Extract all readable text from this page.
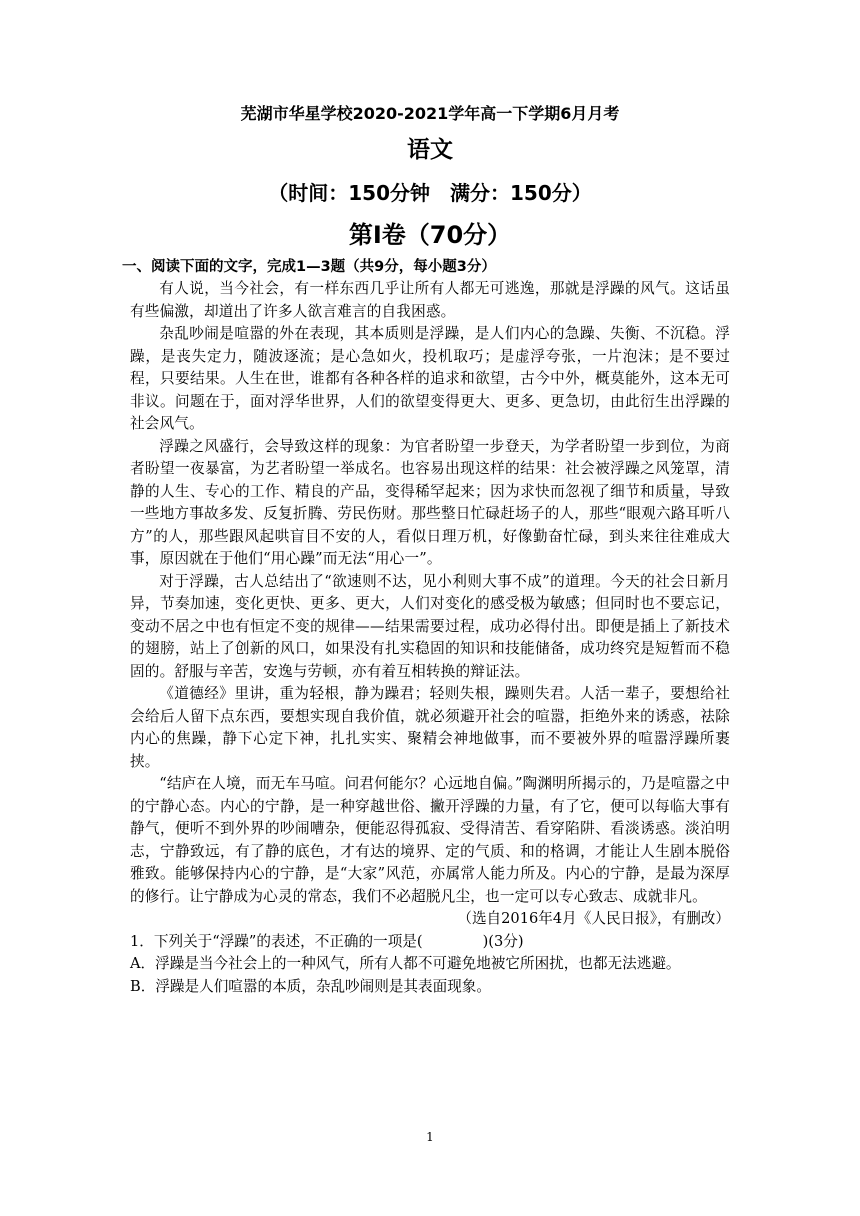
芜湖市华星学校2020-2021学年高一下学期6月月考
语文
（时间：150分钟　满分：150分）
第Ⅰ卷（70分）
一、阅读下面的文字，完成1—3题（共9分，每小题3分）

有人说，当今社会，有一样东西几乎让所有人都无可逃逸，那就是浮躁的风气。这话虽有些偏激，却道出了许多人欲言难言的自我困惑。

杂乱吵闹是喧嚣的外在表现，其本质则是浮躁，是人们内心的急躁、失衡、不沉稳。浮躁，是丧失定力，随波逐流；是心急如火，投机取巧；是虚浮夸张，一片泡沫；是不要过程，只要结果。人生在世，谁都有各种各样的追求和欲望，古今中外，概莫能外，这本无可非议。问题在于，面对浮华世界，人们的欲望变得更大、更多、更急切，由此衍生出浮躁的社会风气。

浮躁之风盛行，会导致这样的现象：为官者盼望一步登天，为学者盼望一步到位，为商者盼望一夜暴富，为艺者盼望一举成名。也容易出现这样的结果：社会被浮躁之风笼罩，清静的人生、专心的工作、精良的产品，变得稀罕起来；因为求快而忽视了细节和质量，导致一些地方事故多发、反复折腾、劳民伤财。那些整日忙碌赶场子的人，那些“眼观六路耳听八方”的人，那些跟风起哄盲目不安的人，看似日理万机，好像勤奋忙碌，到头来往往难成大事，原因就在于他们“用心躁”而无法“用心一”。

对于浮躁，古人总结出了“欲速则不达，见小利则大事不成”的道理。今天的社会日新月异，节奏加速，变化更快、更多、更大，人们对变化的感受极为敏感；但同时也不要忘记，变动不居之中也有恒定不变的规律——结果需要过程，成功必得付出。即便是插上了新技术的翅膀，站上了创新的风口，如果没有扎实稳固的知识和技能储备，成功终究是短暂而不稳固的。舒服与辛苦，安逸与劳顿，亦有着互相转换的辩证法。

《道德经》里讲，重为轻根，静为躁君；轻则失根，躁则失君。人活一辈子，要想给社会给后人留下点东西，要想实现自我价值，就必须避开社会的喧嚣，拒绝外来的诱惑，祛除内心的焦躁，静下心定下神，扎扎实实、聚精会神地做事，而不要被外界的喧嚣浮躁所裹挟。

“结庐在人境，而无车马喧。问君何能尔？心远地自偏。”陶渊明所揭示的，乃是喧嚣之中的宁静心态。内心的宁静，是一种穿越世俗、撇开浮躁的力量，有了它，便可以每临大事有静气，便听不到外界的吵闹嘈杂，便能忍得孤寂、受得清苦、看穿陷阱、看淡诱惑。淡泊明志，宁静致远，有了静的底色，才有达的境界、定的气质、和的格调，才能让人生剧本脱俗雅致。能够保持内心的宁静，是“大家”风范，亦属常人能力所及。内心的宁静，是最为深厚的修行。让宁静成为心灵的常态，我们不必超脱凡尘，也一定可以专心致志、成就非凡。

（选自2016年4月《人民日报》，有删改）

1．下列关于“浮躁”的表述，不正确的一项是(	)(3分)

A．浮躁是当今社会上的一种风气，所有人都不可避免地被它所困扰，也都无法逃避。

B．浮躁是人们喧嚣的本质，杂乱吵闹则是其表面现象。

1
